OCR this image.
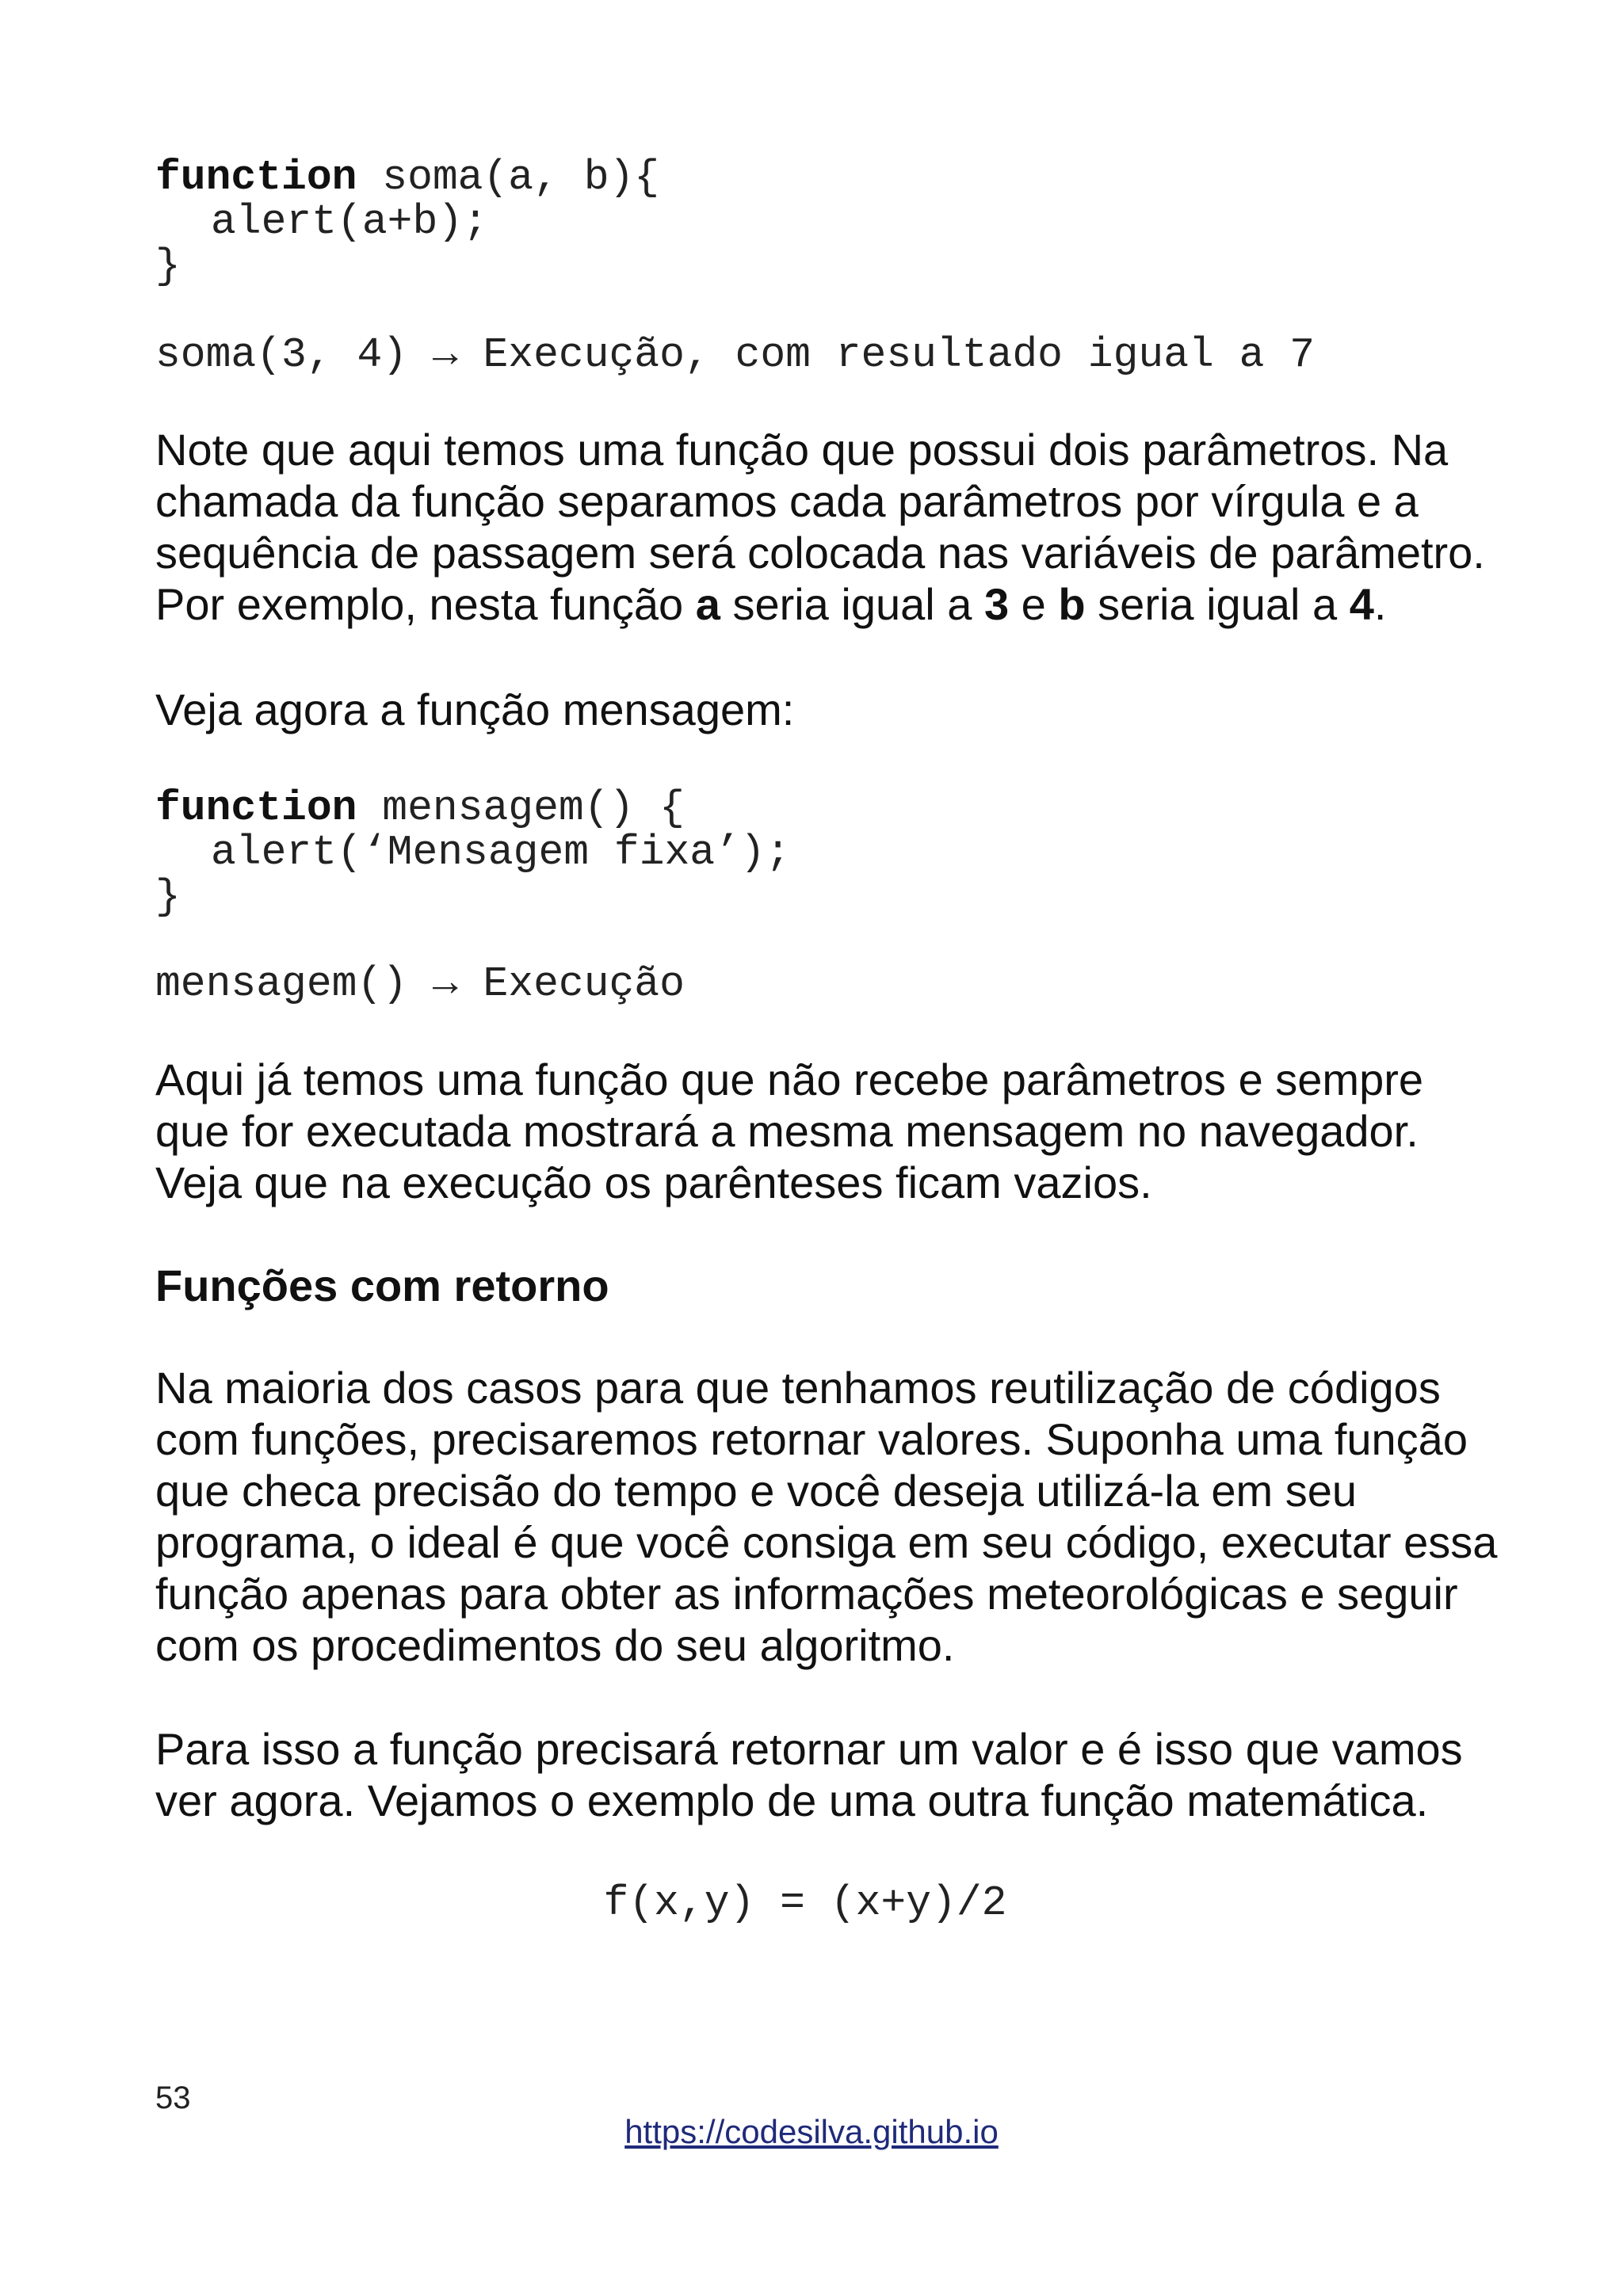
function soma(a, b){
alert(a+b);
}
soma(3, 4) → Execução, com resultado igual a 7

Note que aqui temos uma função que possui dois parâmetros. Na
chamada da função separamos cada parâmetros por vírgula e a
sequência de passagem será colocada nas variáveis de parâmetro.
Por exemplo, nesta função a seria igual a 3 e b seria igual a 4.

Veja agora a função mensagem:

function mensagem() {
alert(‘Mensagem fixa’);
}
mensagem() → Execução

Aqui já temos uma função que não recebe parâmetros e sempre
que for executada mostrará a mesma mensagem no navegador.
Veja que na execução os parênteses ficam vazios.

Funções com retorno

Na maioria dos casos para que tenhamos reutilização de códigos
com funções, precisaremos retornar valores. Suponha uma função
que checa precisão do tempo e você deseja utilizá-la em seu
programa, o ideal é que você consiga em seu código, executar essa
função apenas para obter as informações meteorológicas e seguir
com os procedimentos do seu algoritmo.

Para isso a função precisará retornar um valor e é isso que vamos
ver agora. Vejamos o exemplo de uma outra função matemática.

f(x,y) = (x+y)/2
53
https://codesilva.github.io
